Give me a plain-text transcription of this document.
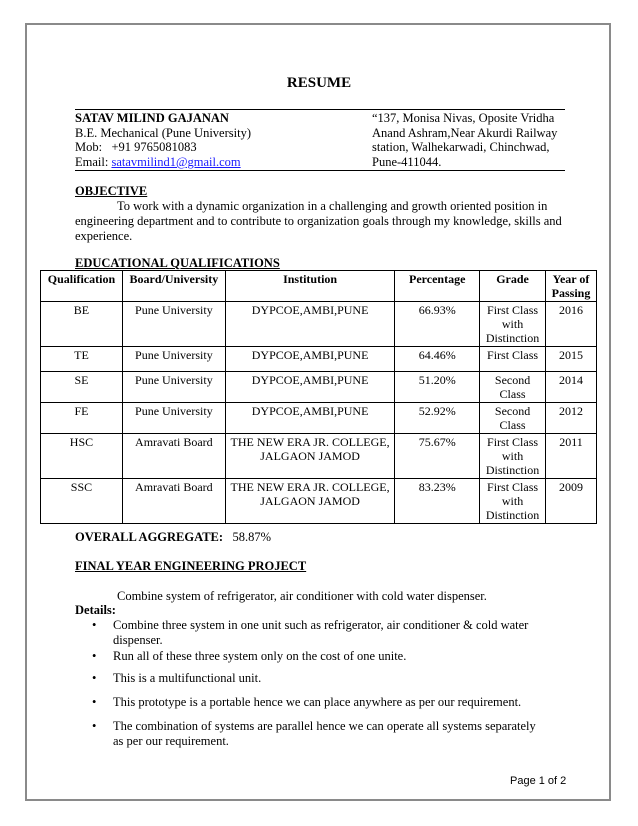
RESUME
SATAV MILIND GAJANAN
B.E. Mechanical (Pune University)
Mob: +91 9765081083
Email: satavmilind1@gmail.com
“137, Monisa Nivas, Oposite Vridha
Anand Ashram,Near Akurdi Railway
station, Walhekarwadi, Chinchwad,
Pune-411044.
OBJECTIVE
To work with a dynamic organization in a challenging and growth oriented position in engineering department and to contribute to organization goals through my knowledge, skills and experience.
EDUCATIONAL QUALIFICATIONS
Qualification	Board/University	Institution	Percentage	Grade	Year of Passing
BE	Pune University	DYPCOE,AMBI,PUNE	66.93%	First Class with Distinction	2016
TE	Pune University	DYPCOE,AMBI,PUNE	64.46%	First Class	2015
SE	Pune University	DYPCOE,AMBI,PUNE	51.20%	Second Class	2014
FE	Pune University	DYPCOE,AMBI,PUNE	52.92%	Second Class	2012
HSC	Amravati Board	THE NEW ERA JR. COLLEGE, JALGAON JAMOD	75.67%	First Class with Distinction	2011
SSC	Amravati Board	THE NEW ERA JR. COLLEGE, JALGAON JAMOD	83.23%	First Class with Distinction	2009
OVERALL AGGREGATE: 58.87%
FINAL YEAR ENGINEERING PROJECT
Combine system of refrigerator, air conditioner with cold water dispenser.
Details:
• Combine three system in one unit such as refrigerator, air conditioner & cold water dispenser.
• Run all of these three system only on the cost of one unite.
• This is a multifunctional unit.
• This prototype is a portable hence we can place anywhere as per our requirement.
• The combination of systems are parallel hence we can operate all systems separately as per our requirement.
Page 1 of 2
